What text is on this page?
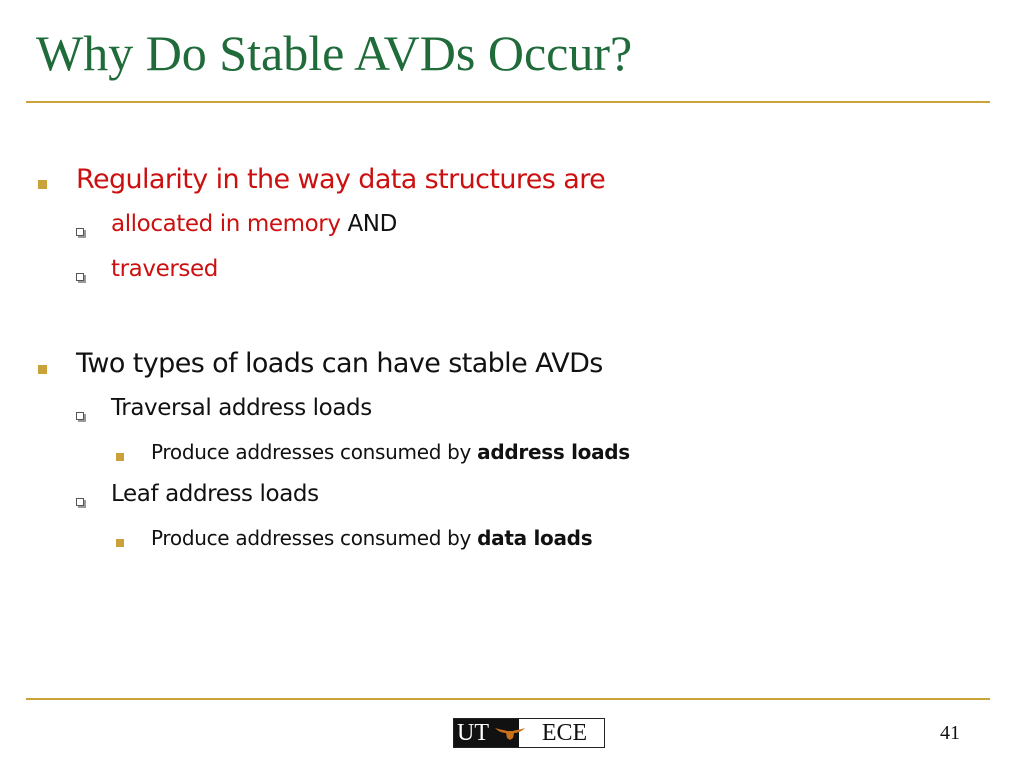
Why Do Stable AVDs Occur?
Regularity in the way data structures are
allocated in memory AND
traversed
Two types of loads can have stable AVDs
Traversal address loads
Produce addresses consumed by address loads
Leaf address loads
Produce addresses consumed by data loads
UT	ECE	41
